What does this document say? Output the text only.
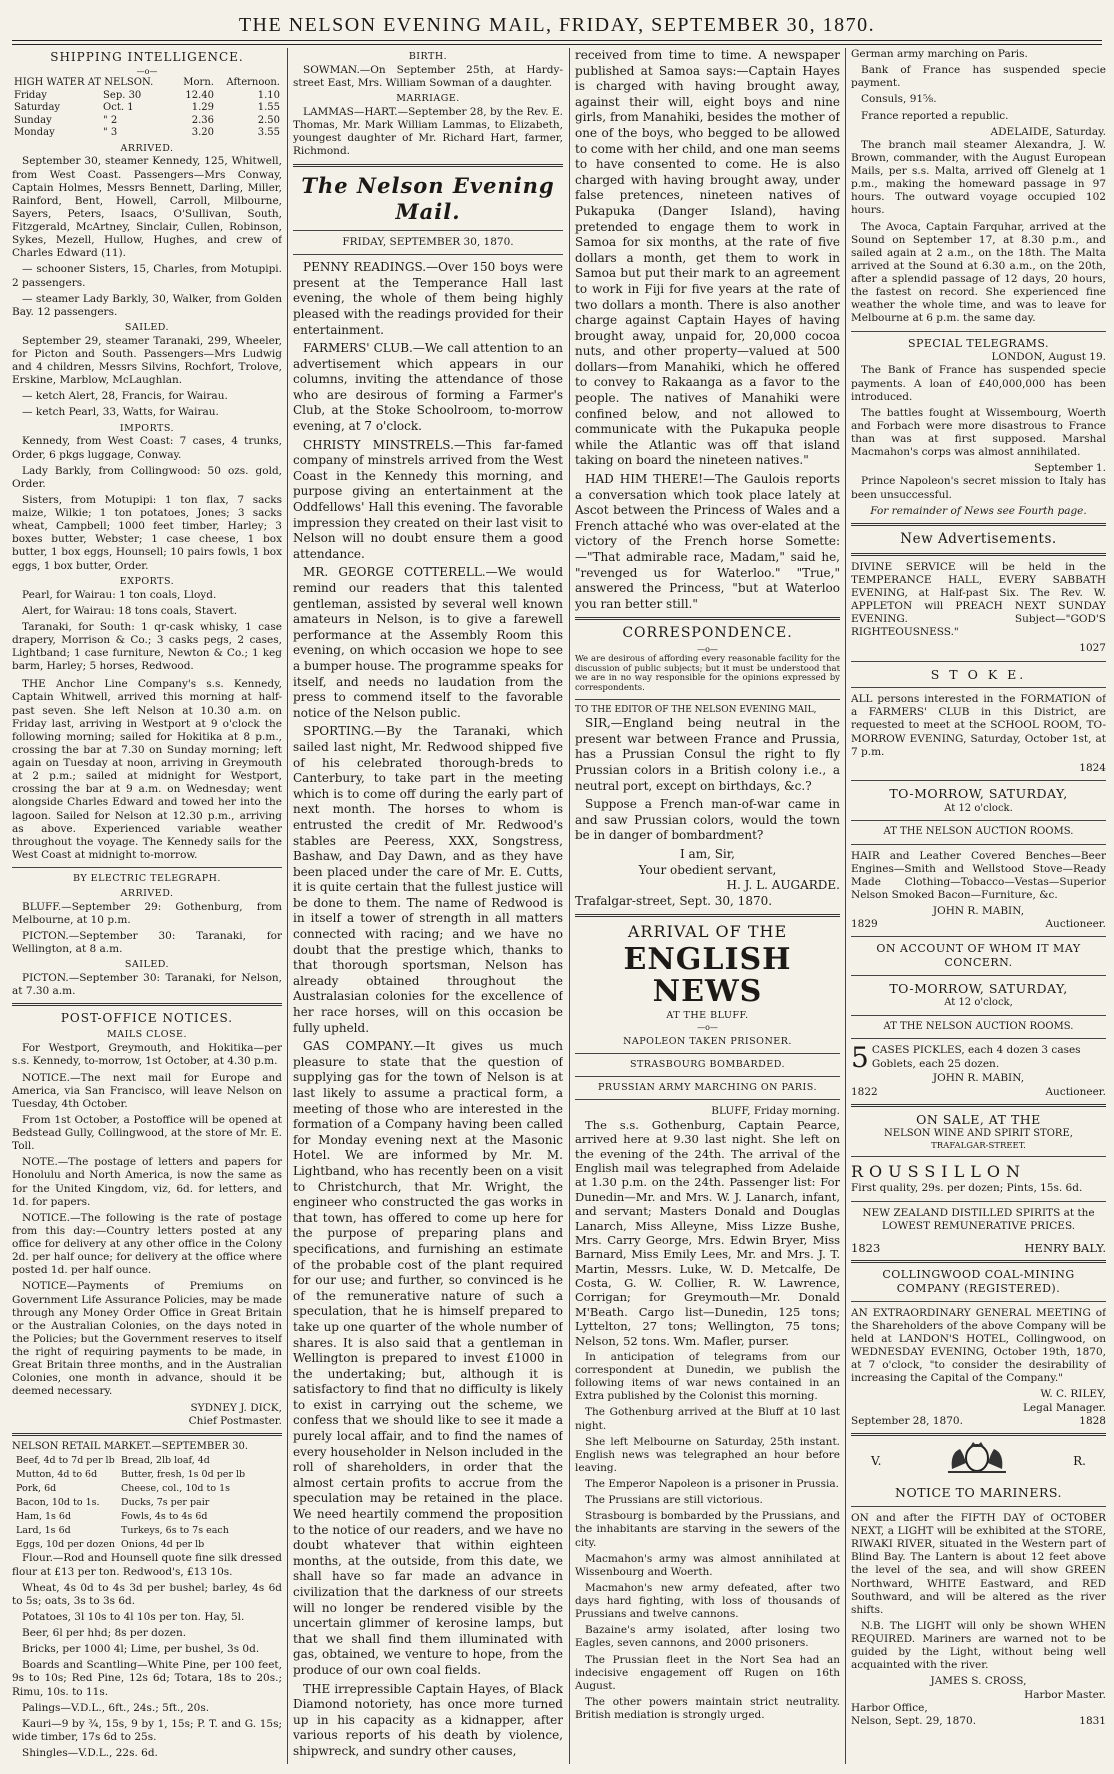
THE NELSON EVENING MAIL, FRIDAY, SEPTEMBER 30, 1870.
SHIPPING INTELLIGENCE.
—o—
HIGH WATER AT NELSON.		Morn.	Afternoon.
Friday	Sep. 30	12.40	1.10
Saturday	Oct. 1	1.29	1.55
Sunday	" 2	2.36	2.50
Monday	" 3	3.20	3.55
ARRIVED.

September 30, steamer Kennedy, 125, Whitwell, from West Coast. Passengers—Mrs Conway, Captain Holmes, Messrs Bennett, Darling, Miller, Rainford, Bent, Howell, Carroll, Milbourne, Sayers, Peters, Isaacs, O'Sullivan, South, Fitzgerald, McArtney, Sinclair, Cullen, Robinson, Sykes, Mezell, Hullow, Hughes, and crew of Charles Edward (11).

— schooner Sisters, 15, Charles, from Motupipi. 2 passengers.

— steamer Lady Barkly, 30, Walker, from Golden Bay. 12 passengers.

SAILED.

September 29, steamer Taranaki, 299, Wheeler, for Picton and South. Passengers—Mrs Ludwig and 4 children, Messrs Silvins, Rochfort, Trolove, Erskine, Marblow, McLaughlan.

— ketch Alert, 28, Francis, for Wairau.

— ketch Pearl, 33, Watts, for Wairau.

IMPORTS.

Kennedy, from West Coast: 7 cases, 4 trunks, Order, 6 pkgs luggage, Conway.

Lady Barkly, from Collingwood: 50 ozs. gold, Order.

Sisters, from Motupipi: 1 ton flax, 7 sacks maize, Wilkie; 1 ton potatoes, Jones; 3 sacks wheat, Campbell; 1000 feet timber, Harley; 3 boxes butter, Webster; 1 case cheese, 1 box butter, 1 box eggs, Hounsell; 10 pairs fowls, 1 box eggs, 1 box butter, Order.

EXPORTS.

Pearl, for Wairau: 1 ton coals, Lloyd.

Alert, for Wairau: 18 tons coals, Stavert.

Taranaki, for South: 1 qr-cask whisky, 1 case drapery, Morrison & Co.; 3 casks pegs, 2 cases, Lightband; 1 case furniture, Newton & Co.; 1 keg barm, Harley; 5 horses, Redwood.

THE Anchor Line Company's s.s. Kennedy, Captain Whitwell, arrived this morning at half-past seven. She left Nelson at 10.30 a.m. on Friday last, arriving in Westport at 9 o'clock the following morning; sailed for Hokitika at 8 p.m., crossing the bar at 7.30 on Sunday morning; left again on Tuesday at noon, arriving in Greymouth at 2 p.m.; sailed at midnight for Westport, crossing the bar at 9 a.m. on Wednesday; went alongside Charles Edward and towed her into the lagoon. Sailed for Nelson at 12.30 p.m., arriving as above. Experienced variable weather throughout the voyage. The Kennedy sails for the West Coast at midnight to-morrow.

BY ELECTRIC TELEGRAPH.
ARRIVED.

BLUFF.—September 29: Gothenburg, from Melbourne, at 10 p.m.

PICTON.—September 30: Taranaki, for Wellington, at 8 a.m.

SAILED.

PICTON.—September 30: Taranaki, for Nelson, at 7.30 a.m.

POST-OFFICE NOTICES.
MAILS CLOSE.

For Westport, Greymouth, and Hokitika—per s.s. Kennedy, to-morrow, 1st October, at 4.30 p.m.

NOTICE.—The next mail for Europe and America, via San Francisco, will leave Nelson on Tuesday, 4th October.

From 1st October, a Postoffice will be opened at Bedstead Gully, Collingwood, at the store of Mr. E. Toll.

NOTE.—The postage of letters and papers for Honolulu and North America, is now the same as for the United Kingdom, viz, 6d. for letters, and 1d. for papers.

NOTICE.—The following is the rate of postage from this day:—Country letters posted at any office for delivery at any other office in the Colony 2d. per half ounce; for delivery at the office where posted 1d. per half ounce.

NOTICE—Payments of Premiums on Government Life Assurance Policies, may be made through any Money Order Office in Great Britain or the Australian Colonies, on the days noted in the Policies; but the Government reserves to itself the right of requiring payments to be made, in Great Britain three months, and in the Australian Colonies, one month in advance, should it be deemed necessary.

SYDNEY J. DICK,
Chief Postmaster.
NELSON RETAIL MARKET.—SEPTEMBER 30.
Beef, 4d to 7d per lb	Bread, 2lb loaf, 4d
Mutton, 4d to 6d	Butter, fresh, 1s 0d per lb
Pork, 6d	Cheese, col., 10d to 1s
Bacon, 10d to 1s.	Ducks, 7s per pair
Ham, 1s 6d	Fowls, 4s to 4s 6d
Lard, 1s 6d	Turkeys, 6s to 7s each
Eggs, 10d per dozen	Onions, 4d per lb

Flour.—Rod and Hounsell quote fine silk dressed flour at £13 per ton. Redwood's, £13 10s.

Wheat, 4s 0d to 4s 3d per bushel; barley, 4s 6d to 5s; oats, 3s to 3s 6d.

Potatoes, 3l 10s to 4l 10s per ton. Hay, 5l.

Beer, 6l per hhd; 8s per dozen.

Bricks, per 1000 4l; Lime, per bushel, 3s 0d.

Boards and Scantling—White Pine, per 100 feet, 9s to 10s; Red Pine, 12s 6d; Totara, 18s to 20s.; Rimu, 10s. to 11s.

Palings—V.D.L., 6ft., 24s.; 5ft., 20s.

Kauri—9 by ¾, 15s, 9 by 1, 15s; P. T. and G. 15s; wide timber, 17s 6d to 25s.

Shingles—V.D.L., 22s. 6d.

BIRTH.

SOWMAN.—On September 25th, at Hardy-street East, Mrs. William Sowman of a daughter.

MARRIAGE.

LAMMAS—HART.—September 28, by the Rev. E. Thomas, Mr. Mark William Lammas, to Elizabeth, youngest daughter of Mr. Richard Hart, farmer, Richmond.

The Nelson Evening Mail.
FRIDAY, SEPTEMBER 30, 1870.

PENNY READINGS.—Over 150 boys were present at the Temperance Hall last evening, the whole of them being highly pleased with the readings provided for their entertainment.

FARMERS' CLUB.—We call attention to an advertisement which appears in our columns, inviting the attendance of those who are desirous of forming a Farmer's Club, at the Stoke Schoolroom, to-morrow evening, at 7 o'clock.

CHRISTY MINSTRELS.—This far-famed company of minstrels arrived from the West Coast in the Kennedy this morning, and purpose giving an entertainment at the Oddfellows' Hall this evening. The favorable impression they created on their last visit to Nelson will no doubt ensure them a good attendance.

MR. GEORGE COTTERELL.—We would remind our readers that this talented gentleman, assisted by several well known amateurs in Nelson, is to give a farewell performance at the Assembly Room this evening, on which occasion we hope to see a bumper house. The programme speaks for itself, and needs no laudation from the press to commend itself to the favorable notice of the Nelson public.

SPORTING.—By the Taranaki, which sailed last night, Mr. Redwood shipped five of his celebrated thorough-breds to Canterbury, to take part in the meeting which is to come off during the early part of next month. The horses to whom is entrusted the credit of Mr. Redwood's stables are Peeress, XXX, Songstress, Bashaw, and Day Dawn, and as they have been placed under the care of Mr. E. Cutts, it is quite certain that the fullest justice will be done to them. The name of Redwood is in itself a tower of strength in all matters connected with racing; and we have no doubt that the prestige which, thanks to that thorough sportsman, Nelson has already obtained throughout the Australasian colonies for the excellence of her race horses, will on this occasion be fully upheld.

GAS COMPANY.—It gives us much pleasure to state that the question of supplying gas for the town of Nelson is at last likely to assume a practical form, a meeting of those who are interested in the formation of a Company having been called for Monday evening next at the Masonic Hotel. We are informed by Mr. M. Lightband, who has recently been on a visit to Christchurch, that Mr. Wright, the engineer who constructed the gas works in that town, has offered to come up here for the purpose of preparing plans and specifications, and furnishing an estimate of the probable cost of the plant required for our use; and further, so convinced is he of the remunerative nature of such a speculation, that he is himself prepared to take up one quarter of the whole number of shares. It is also said that a gentleman in Wellington is prepared to invest £1000 in the undertaking; but, although it is satisfactory to find that no difficulty is likely to exist in carrying out the scheme, we confess that we should like to see it made a purely local affair, and to find the names of every householder in Nelson included in the roll of shareholders, in order that the almost certain profits to accrue from the speculation may be retained in the place. We need heartily commend the proposition to the notice of our readers, and we have no doubt whatever that within eighteen months, at the outside, from this date, we shall have so far made an advance in civilization that the darkness of our streets will no longer be rendered visible by the uncertain glimmer of kerosine lamps, but that we shall find them illuminated with gas, obtained, we venture to hope, from the produce of our own coal fields.

THE irrepressible Captain Hayes, of Black Diamond notoriety, has once more turned up in his capacity as a kidnapper, after various reports of his death by violence, shipwreck, and sundry other causes,

received from time to time. A newspaper published at Samoa says:—Captain Hayes is charged with having brought away, against their will, eight boys and nine girls, from Manahiki, besides the mother of one of the boys, who begged to be allowed to come with her child, and one man seems to have consented to come. He is also charged with having brought away, under false pretences, nineteen natives of Pukapuka (Danger Island), having pretended to engage them to work in Samoa for six months, at the rate of five dollars a month, get them to work in Samoa but put their mark to an agreement to work in Fiji for five years at the rate of two dollars a month. There is also another charge against Captain Hayes of having brought away, unpaid for, 20,000 cocoa nuts, and other property—valued at 500 dollars—from Manahiki, which he offered to convey to Rakaanga as a favor to the people. The natives of Manahiki were confined below, and not allowed to communicate with the Pukapuka people while the Atlantic was off that island taking on board the nineteen natives."

HAD HIM THERE!—The Gaulois reports a conversation which took place lately at Ascot between the Princess of Wales and a French attaché who was over-elated at the victory of the French horse Somette:—"That admirable race, Madam," said he, "revenged us for Waterloo." "True," answered the Princess, "but at Waterloo you ran better still."

CORRESPONDENCE.
—o—

We are desirous of affording every reasonable facility for the discussion of public subjects; but it must be understood that we are in no way responsible for the opinions expressed by correspondents.

TO THE EDITOR OF THE NELSON EVENING MAIL,

SIR,—England being neutral in the present war between France and Prussia, has a Prussian Consul the right to fly Prussian colors in a British colony i.e., a neutral port, except on birthdays, &c.?

Suppose a French man-of-war came in and saw Prussian colors, would the town be in danger of bombardment?

I am, Sir,
Your obedient servant,
H. J. L. AUGARDE.
Trafalgar-street, Sept. 30, 1870.
ARRIVAL OF THE
ENGLISH NEWS
AT THE BLUFF.
—o—
NAPOLEON TAKEN PRISONER.
STRASBOURG BOMBARDED.
PRUSSIAN ARMY MARCHING ON PARIS.
BLUFF, Friday morning.

The s.s. Gothenburg, Captain Pearce, arrived here at 9.30 last night. She left on the evening of the 24th. The arrival of the English mail was telegraphed from Adelaide at 1.30 p.m. on the 24th. Passenger list: For Dunedin—Mr. and Mrs. W. J. Lanarch, infant, and servant; Masters Donald and Douglas Lanarch, Miss Alleyne, Miss Lizze Bushe, Mrs. Carry George, Mrs. Edwin Bryer, Miss Barnard, Miss Emily Lees, Mr. and Mrs. J. T. Martin, Messrs. Luke, W. D. Metcalfe, De Costa, G. W. Collier, R. W. Lawrence, Corrigan; for Greymouth—Mr. Donald M'Beath. Cargo list—Dunedin, 125 tons; Lyttelton, 27 tons; Wellington, 75 tons; Nelson, 52 tons. Wm. Mafler, purser.

In anticipation of telegrams from our correspondent at Dunedin, we publish the following items of war news contained in an Extra published by the Colonist this morning.

The Gothenburg arrived at the Bluff at 10 last night.

She left Melbourne on Saturday, 25th instant. English news was telegraphed an hour before leaving.

The Emperor Napoleon is a prisoner in Prussia.

The Prussians are still victorious.

Strasbourg is bombarded by the Prussians, and the inhabitants are starving in the sewers of the city.

Macmahon's army was almost annihilated at Wissenbourg and Woerth.

Macmahon's new army defeated, after two days hard fighting, with loss of thousands of Prussians and twelve cannons.

Bazaine's army isolated, after losing two Eagles, seven cannons, and 2000 prisoners.

The Prussian fleet in the Nort Sea had an indecisive engagement off Rugen on 16th August.

The other powers maintain strict neutrality. British mediation is strongly urged.

German army marching on Paris.

Bank of France has suspended specie payment.

Consuls, 91⅝.

France reported a republic.

ADELAIDE, Saturday.

The branch mail steamer Alexandra, J. W. Brown, commander, with the August European Mails, per s.s. Malta, arrived off Glenelg at 1 p.m., making the homeward passage in 97 hours. The outward voyage occupied 102 hours.

The Avoca, Captain Farquhar, arrived at the Sound on September 17, at 8.30 p.m., and sailed again at 2 a.m., on the 18th. The Malta arrived at the Sound at 6.30 a.m., on the 20th, after a splendid passage of 12 days, 20 hours, the fastest on record. She experienced fine weather the whole time, and was to leave for Melbourne at 6 p.m. the same day.

SPECIAL TELEGRAMS.
LONDON, August 19.

The Bank of France has suspended specie payments. A loan of £40,000,000 has been introduced.

The battles fought at Wissembourg, Woerth and Forbach were more disastrous to France than was at first supposed. Marshal Macmahon's corps was almost annihilated.

September 1.

Prince Napoleon's secret mission to Italy has been unsuccessful.

For remainder of News see Fourth page.
New Advertisements.

DIVINE SERVICE will be held in the TEMPERANCE HALL, EVERY SABBATH EVENING, at Half-past Six. The Rev. W. APPLETON will PREACH NEXT SUNDAY EVENING. Subject—"GOD'S RIGHTEOUSNESS."

1027
S T O K E.

ALL persons interested in the FORMATION of a FARMERS' CLUB in this District, are requested to meet at the SCHOOL ROOM, TO-MORROW EVENING, Saturday, October 1st, at 7 p.m.

1824
TO-MORROW, SATURDAY,
At 12 o'clock.
AT THE NELSON AUCTION ROOMS.

HAIR and Leather Covered Benches—Beer Engines—Smith and Wellstood Stove—Ready Made Clothing—Tobacco—Vestas—Superior Nelson Smoked Bacon—Furniture, &c.

JOHN R. MABIN,
1829	Auctioneer.
ON ACCOUNT OF WHOM IT MAY CONCERN.
TO-MORROW, SATURDAY,
At 12 o'clock,
AT THE NELSON AUCTION ROOMS.
5 CASES PICKLES, each 4 dozen 3 cases Goblets, each 25 dozen.
JOHN R. MABIN,
1822	Auctioneer.
ON SALE, AT THE
NELSON WINE AND SPIRIT STORE,
TRAFALGAR-STREET.
ROUSSILLON
First quality, 29s. per dozen; Pints, 15s. 6d.
NEW ZEALAND DISTILLED SPIRITS at the LOWEST REMUNERATIVE PRICES.
1823	HENRY BALY.
COLLINGWOOD COAL-MINING COMPANY (REGISTERED).

AN EXTRAORDINARY GENERAL MEETING of the Shareholders of the above Company will be held at LANDON'S HOTEL, Collingwood, on WEDNESDAY EVENING, October 19th, 1870, at 7 o'clock, "to consider the desirability of increasing the Capital of the Company."

W. C. RILEY,
Legal Manager.
September 28, 1870.	1828
V.	R.
NOTICE TO MARINERS.

ON and after the FIFTH DAY of OCTOBER NEXT, a LIGHT will be exhibited at the STORE, RIWAKI RIVER, situated in the Western part of Blind Bay. The Lantern is about 12 feet above the level of the sea, and will show GREEN Northward, WHITE Eastward, and RED Southward, and will be altered as the river shifts.

N.B. The LIGHT will only be shown WHEN REQUIRED. Mariners are warned not to be guided by the Light, without being well acquainted with the river.

JAMES S. CROSS,
Harbor Master.
Harbor Office,
Nelson, Sept. 29, 1870.	1831
